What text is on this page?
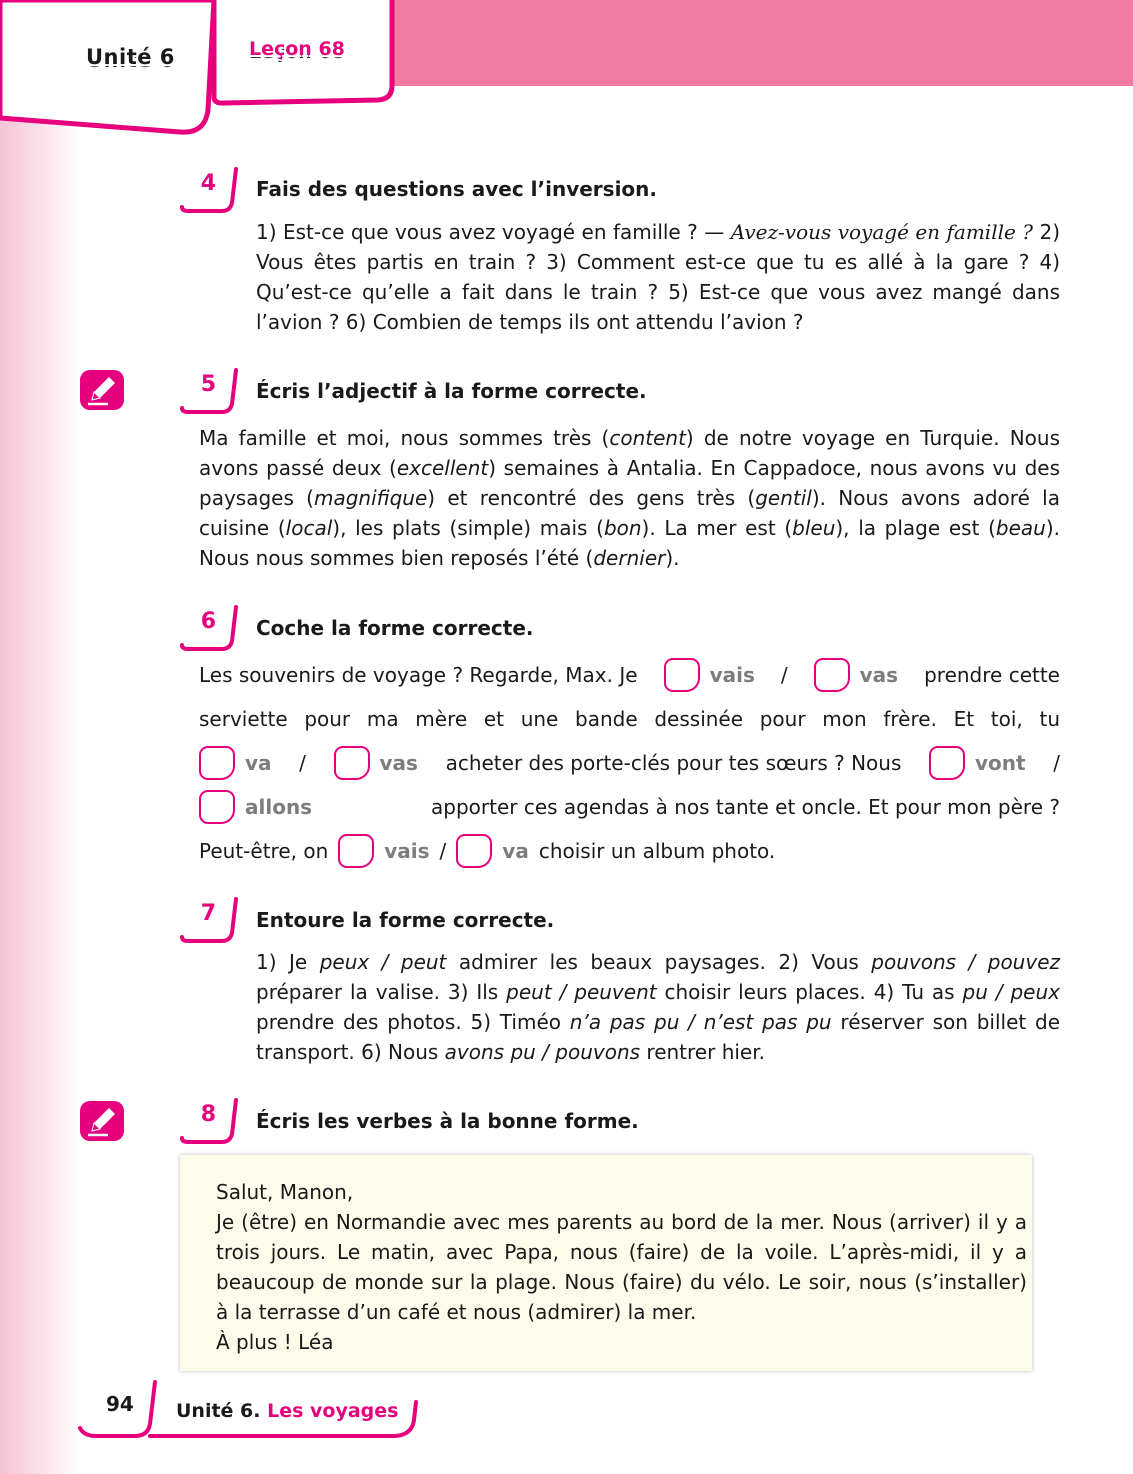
Unité 6	Leçon 68
4 Fais des questions avec l’inversion.
1) Est-ce que vous avez voyagé en famille ? — Avez-vous voyagé en famille ? 2) Vous êtes partis en train ? 3) Comment est-ce que tu es allé à la gare ? 4) Qu’est-ce qu’elle a fait dans le train ? 5) Est-ce que vous avez mangé dans l’avion ? 6) Combien de temps ils ont attendu l’avion ?
5 Écris l’adjectif à la forme correcte.
Ma famille et moi, nous sommes très (content) de notre voyage en Turquie. Nous avons passé deux (excellent) semaines à Antalia. En Cappadoce, nous avons vu des paysages (magnifique) et rencontré des gens très (gentil). Nous avons adoré la cuisine (local), les plats (simple) mais (bon). La mer est (bleu), la plage est (beau). Nous nous sommes bien reposés l’été (dernier).
6 Coche la forme correcte.
Les souvenirs de voyage ? Regarde, Max. Je	vais /	vas prendre cette
serviette pour ma mère et une bande dessinée pour mon frère. Et toi, tu
va /	vas acheter des porte-clés pour tes sœurs ? Nous	vont /
allons	apporter ces agendas à nos tante et oncle. Et pour mon père ?
Peut-être, on	vais /	va choisir un album photo.
7 Entoure la forme correcte.
1) Je peux / peut admirer les beaux paysages. 2) Vous pouvons / pouvez préparer la valise. 3) Ils peut / peuvent choisir leurs places. 4) Tu as pu / peux prendre des photos. 5) Timéo n’a pas pu / n’est pas pu réserver son billet de transport. 6) Nous avons pu / pouvons rentrer hier.
8 Écris les verbes à la bonne forme.
Salut, Manon,
Je (être) en Normandie avec mes parents au bord de la mer. Nous (arriver) il y a trois jours. Le matin, avec Papa, nous (faire) de la voile. L’après-midi, il y a beaucoup de monde sur la plage. Nous (faire) du vélo. Le soir, nous (s’installer) à la terrasse d’un café et nous (admirer) la mer.
À plus ! Léa
94 Unité 6. Les voyages
